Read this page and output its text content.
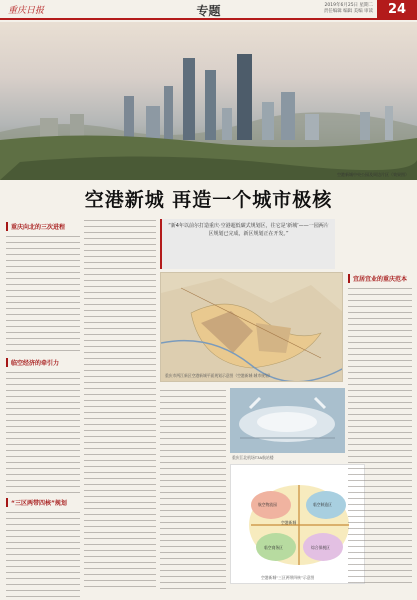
重庆日报	专题	2019年6月25日 星期二
责任编辑 编辑 美编 审读	24
空港新城中央公园及周边片区（效果图）
空港新城 再造一个城市极核
重庆向北的三次进程
临空经济的牵引力
“三区两带四核”规划

“新4年以前尔打造重庆·空港超低碳式规划区，往它是‘新城’——一园两片区规划已完成，新区规划正在开发。”

重庆市两江新区空港新城平面规划示意图（空港新城·城市规划）
重庆江北机场T3A航站楼
空港新城
航空物流园	临空制造区
临空商务区	综合保税区
空港新城“三区两带四核”示意图
宜居宜业的重庆范本
